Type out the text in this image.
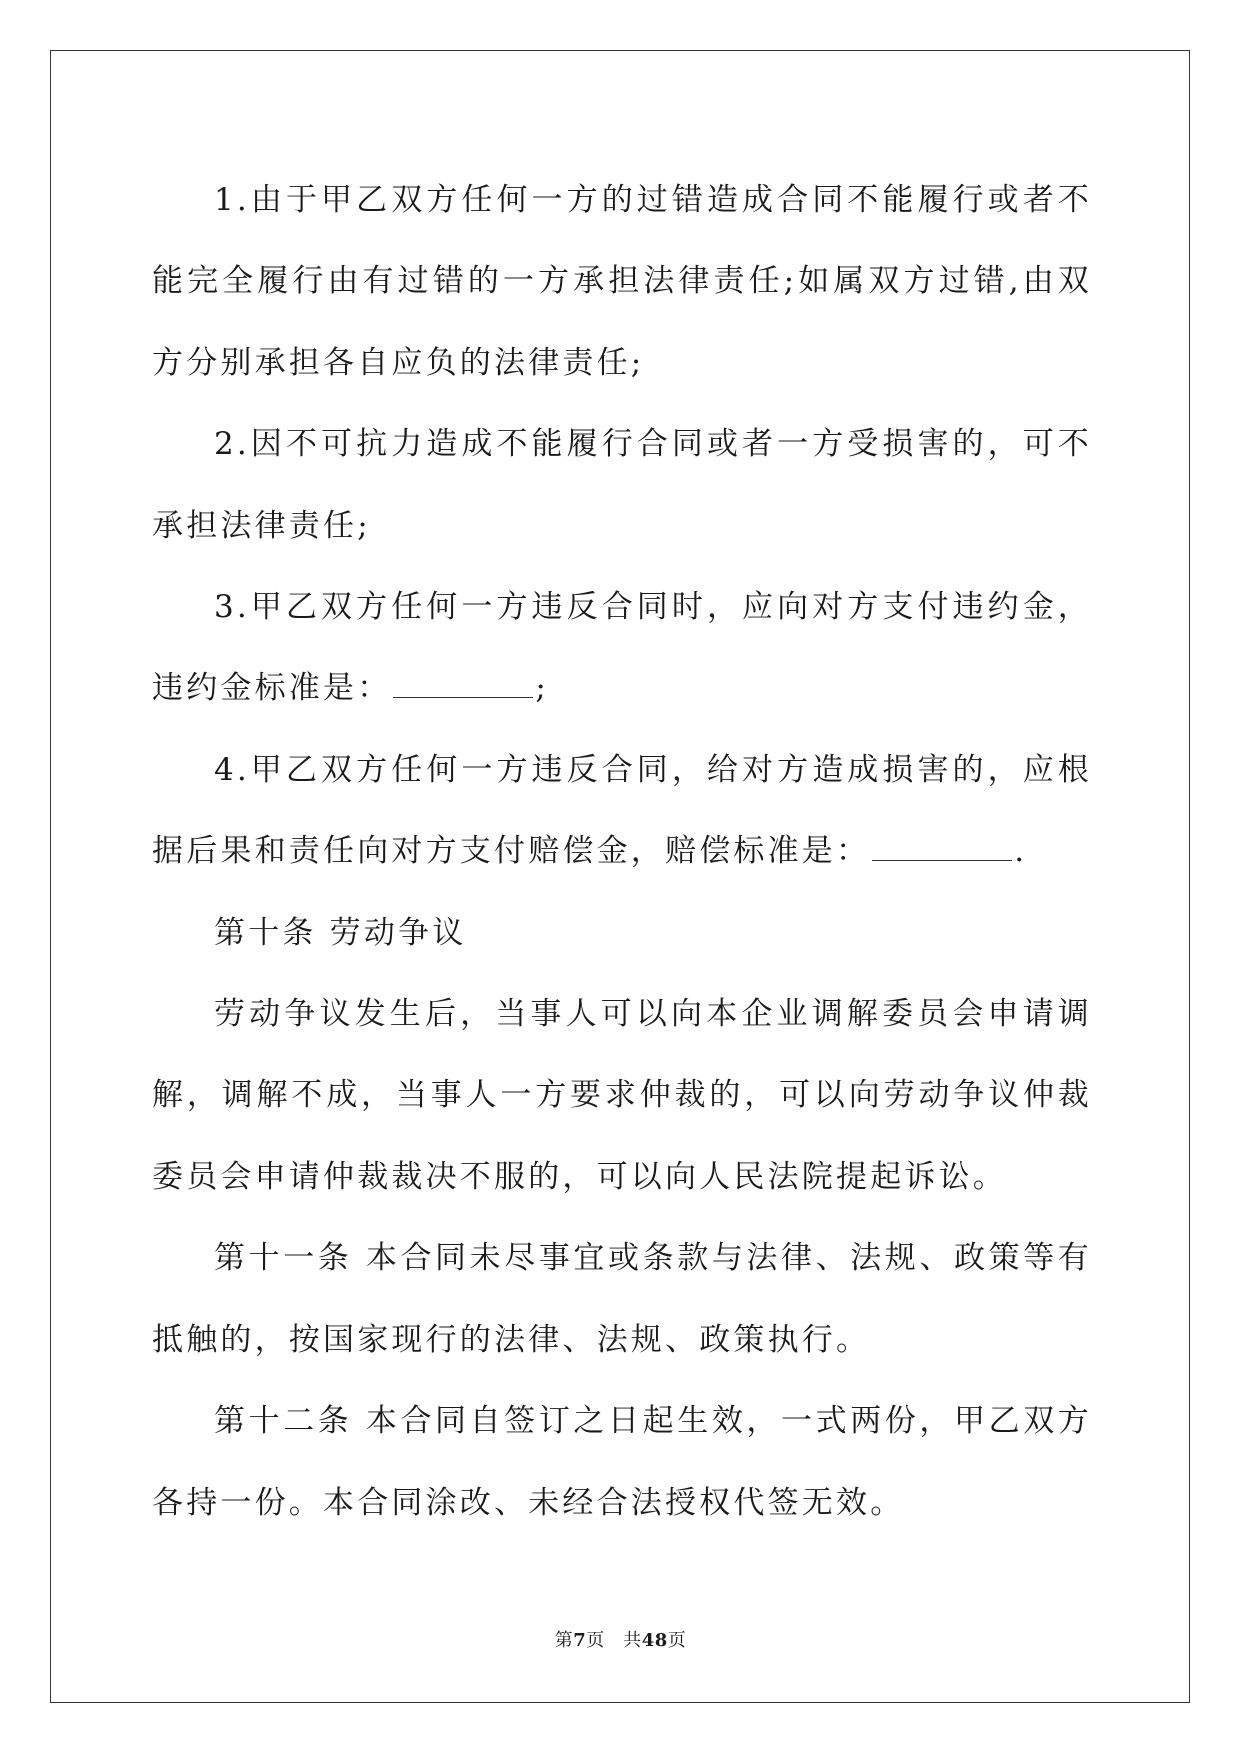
1.由于甲乙双方任何一方的过错造成合同不能履行或者不能完全履行由有过错的一方承担法律责任;如属双方过错,由双方分别承担各自应负的法律责任;

2.因不可抗力造成不能履行合同或者一方受损害的，可不承担法律责任;

3.甲乙双方任何一方违反合同时，应向对方支付违约金，违约金标准是：	;

4.甲乙双方任何一方违反合同，给对方造成损害的，应根据后果和责任向对方支付赔偿金，赔偿标准是：	.

第十条 劳动争议

劳动争议发生后，当事人可以向本企业调解委员会申请调解，调解不成，当事人一方要求仲裁的，可以向劳动争议仲裁委员会申请仲裁裁决不服的，可以向人民法院提起诉讼。

第十一条 本合同未尽事宜或条款与法律、法规、政策等有抵触的，按国家现行的法律、法规、政策执行。

第十二条 本合同自签订之日起生效，一式两份，甲乙双方各持一份。本合同涂改、未经合法授权代签无效。

第7页　共48页
